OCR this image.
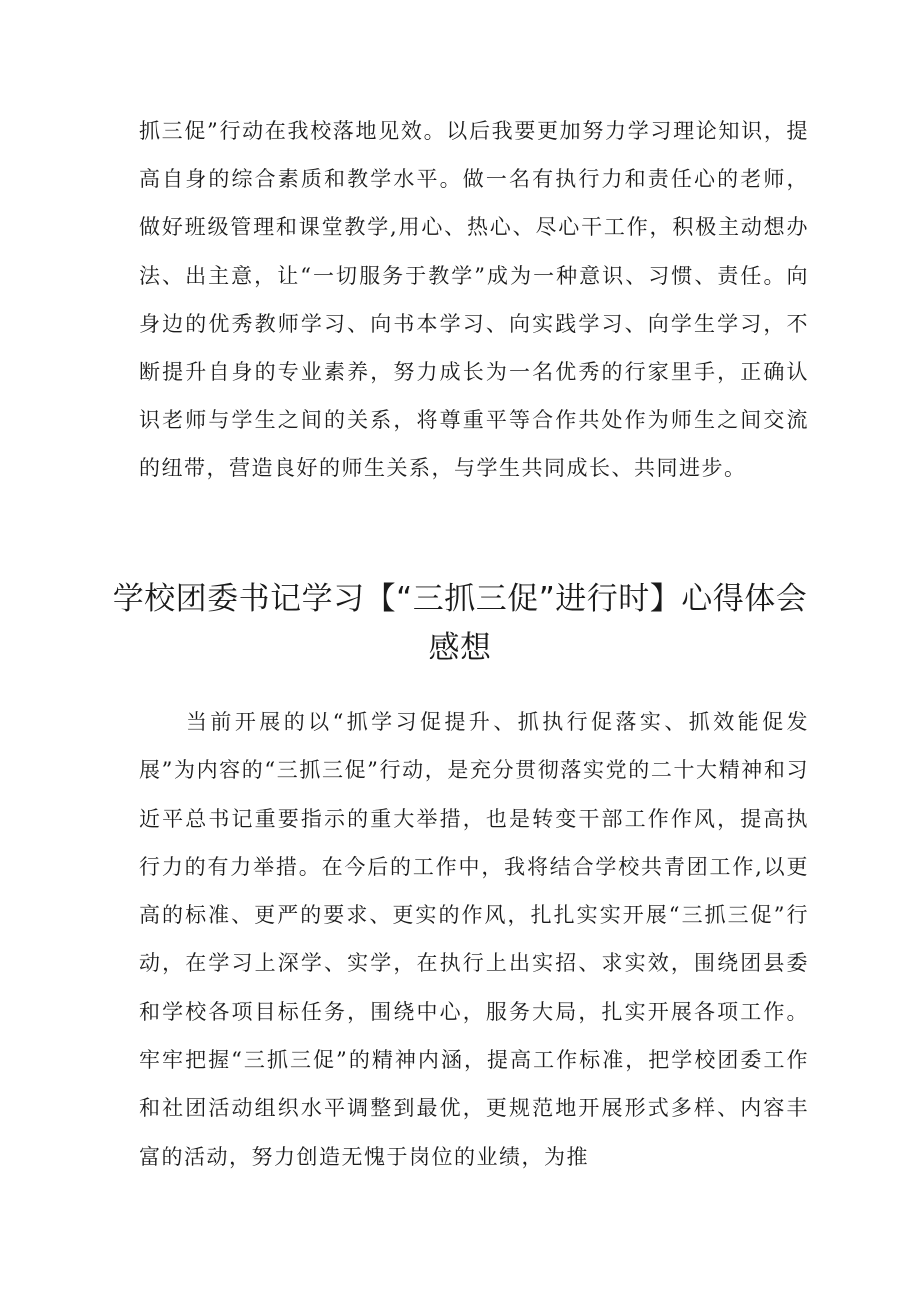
抓三促”行动在我校落地见效。以后我要更加努力学习理论知识，提高自身的综合素质和教学水平。做一名有执行力和责任心的老师，做好班级管理和课堂教学,用心、热心、尽心干工作，积极主动想办法、出主意，让“一切服务于教学”成为一种意识、习惯、责任。向身边的优秀教师学习、向书本学习、向实践学习、向学生学习，不断提升自身的专业素养，努力成长为一名优秀的行家里手，正确认识老师与学生之间的关系，将尊重平等合作共处作为师生之间交流的纽带，营造良好的师生关系，与学生共同成长、共同进步。

学校团委书记学习【“三抓三促”进行时】心得体会感想

当前开展的以“抓学习促提升、抓执行促落实、抓效能促发展”为内容的“三抓三促”行动，是充分贯彻落实党的二十大精神和习近平总书记重要指示的重大举措，也是转变干部工作作风，提高执行力的有力举措。在今后的工作中，我将结合学校共青团工作,以更高的标准、更严的要求、更实的作风，扎扎实实开展“三抓三促”行动，在学习上深学、实学，在执行上出实招、求实效，围绕团县委和学校各项目标任务，围绕中心，服务大局，扎实开展各项工作。牢牢把握“三抓三促”的精神内涵，提高工作标准，把学校团委工作和社团活动组织水平调整到最优，更规范地开展形式多样、内容丰富的活动，努力创造无愧于岗位的业绩，为推
